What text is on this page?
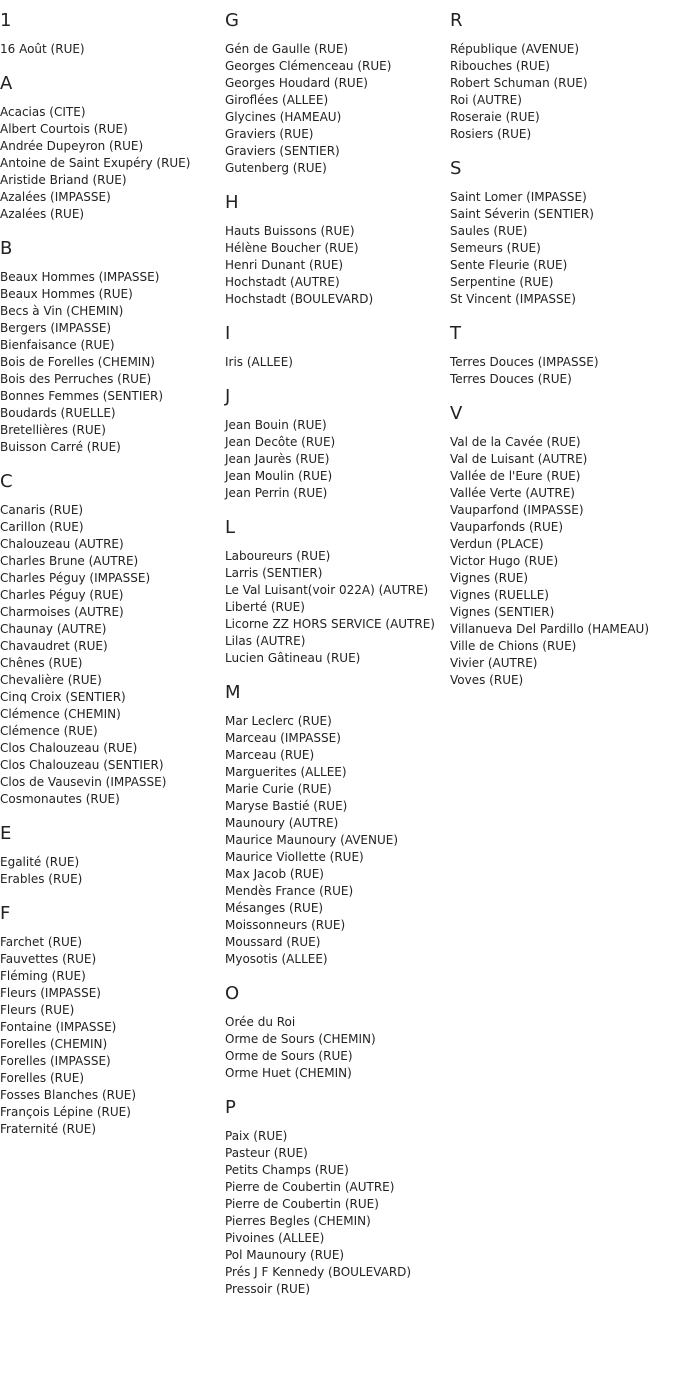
1
16 Août (RUE)
A
Acacias (CITE)
Albert Courtois (RUE)
Andrée Dupeyron (RUE)
Antoine de Saint Exupéry (RUE)
Aristide Briand (RUE)
Azalées (IMPASSE)
Azalées (RUE)
B
Beaux Hommes (IMPASSE)
Beaux Hommes (RUE)
Becs à Vin (CHEMIN)
Bergers (IMPASSE)
Bienfaisance (RUE)
Bois de Forelles (CHEMIN)
Bois des Perruches (RUE)
Bonnes Femmes (SENTIER)
Boudards (RUELLE)
Bretellières (RUE)
Buisson Carré (RUE)
C
Canaris (RUE)
Carillon (RUE)
Chalouzeau (AUTRE)
Charles Brune (AUTRE)
Charles Péguy (IMPASSE)
Charles Péguy (RUE)
Charmoises (AUTRE)
Chaunay (AUTRE)
Chavaudret (RUE)
Chênes (RUE)
Chevalière (RUE)
Cinq Croix (SENTIER)
Clémence (CHEMIN)
Clémence (RUE)
Clos Chalouzeau (RUE)
Clos Chalouzeau (SENTIER)
Clos de Vausevin (IMPASSE)
Cosmonautes (RUE)
E
Egalité (RUE)
Erables (RUE)
F
Farchet (RUE)
Fauvettes (RUE)
Fléming (RUE)
Fleurs (IMPASSE)
Fleurs (RUE)
Fontaine (IMPASSE)
Forelles (CHEMIN)
Forelles (IMPASSE)
Forelles (RUE)
Fosses Blanches (RUE)
François Lépine (RUE)
Fraternité (RUE)
G
Gén de Gaulle (RUE)
Georges Clémenceau (RUE)
Georges Houdard (RUE)
Giroflées (ALLEE)
Glycines (HAMEAU)
Graviers (RUE)
Graviers (SENTIER)
Gutenberg (RUE)
H
Hauts Buissons (RUE)
Hélène Boucher (RUE)
Henri Dunant (RUE)
Hochstadt (AUTRE)
Hochstadt (BOULEVARD)
I
Iris (ALLEE)
J
Jean Bouin (RUE)
Jean Decôte (RUE)
Jean Jaurès (RUE)
Jean Moulin (RUE)
Jean Perrin (RUE)
L
Laboureurs (RUE)
Larris (SENTIER)
Le Val Luisant(voir 022A) (AUTRE)
Liberté (RUE)
Licorne ZZ HORS SERVICE (AUTRE)
Lilas (AUTRE)
Lucien Gâtineau (RUE)
M
Mar Leclerc (RUE)
Marceau (IMPASSE)
Marceau (RUE)
Marguerites (ALLEE)
Marie Curie (RUE)
Maryse Bastié (RUE)
Maunoury (AUTRE)
Maurice Maunoury (AVENUE)
Maurice Viollette (RUE)
Max Jacob (RUE)
Mendès France (RUE)
Mésanges (RUE)
Moissonneurs (RUE)
Moussard (RUE)
Myosotis (ALLEE)
O
Orée du Roi
Orme de Sours (CHEMIN)
Orme de Sours (RUE)
Orme Huet (CHEMIN)
P
Paix (RUE)
Pasteur (RUE)
Petits Champs (RUE)
Pierre de Coubertin (AUTRE)
Pierre de Coubertin (RUE)
Pierres Begles (CHEMIN)
Pivoines (ALLEE)
Pol Maunoury (RUE)
Prés J F Kennedy (BOULEVARD)
Pressoir (RUE)
R
République (AVENUE)
Ribouches (RUE)
Robert Schuman (RUE)
Roi (AUTRE)
Roseraie (RUE)
Rosiers (RUE)
S
Saint Lomer (IMPASSE)
Saint Séverin (SENTIER)
Saules (RUE)
Semeurs (RUE)
Sente Fleurie (RUE)
Serpentine (RUE)
St Vincent (IMPASSE)
T
Terres Douces (IMPASSE)
Terres Douces (RUE)
V
Val de la Cavée (RUE)
Val de Luisant (AUTRE)
Vallée de l'Eure (RUE)
Vallée Verte (AUTRE)
Vauparfond (IMPASSE)
Vauparfonds (RUE)
Verdun (PLACE)
Victor Hugo (RUE)
Vignes (RUE)
Vignes (RUELLE)
Vignes (SENTIER)
Villanueva Del Pardillo (HAMEAU)
Ville de Chions (RUE)
Vivier (AUTRE)
Voves (RUE)
